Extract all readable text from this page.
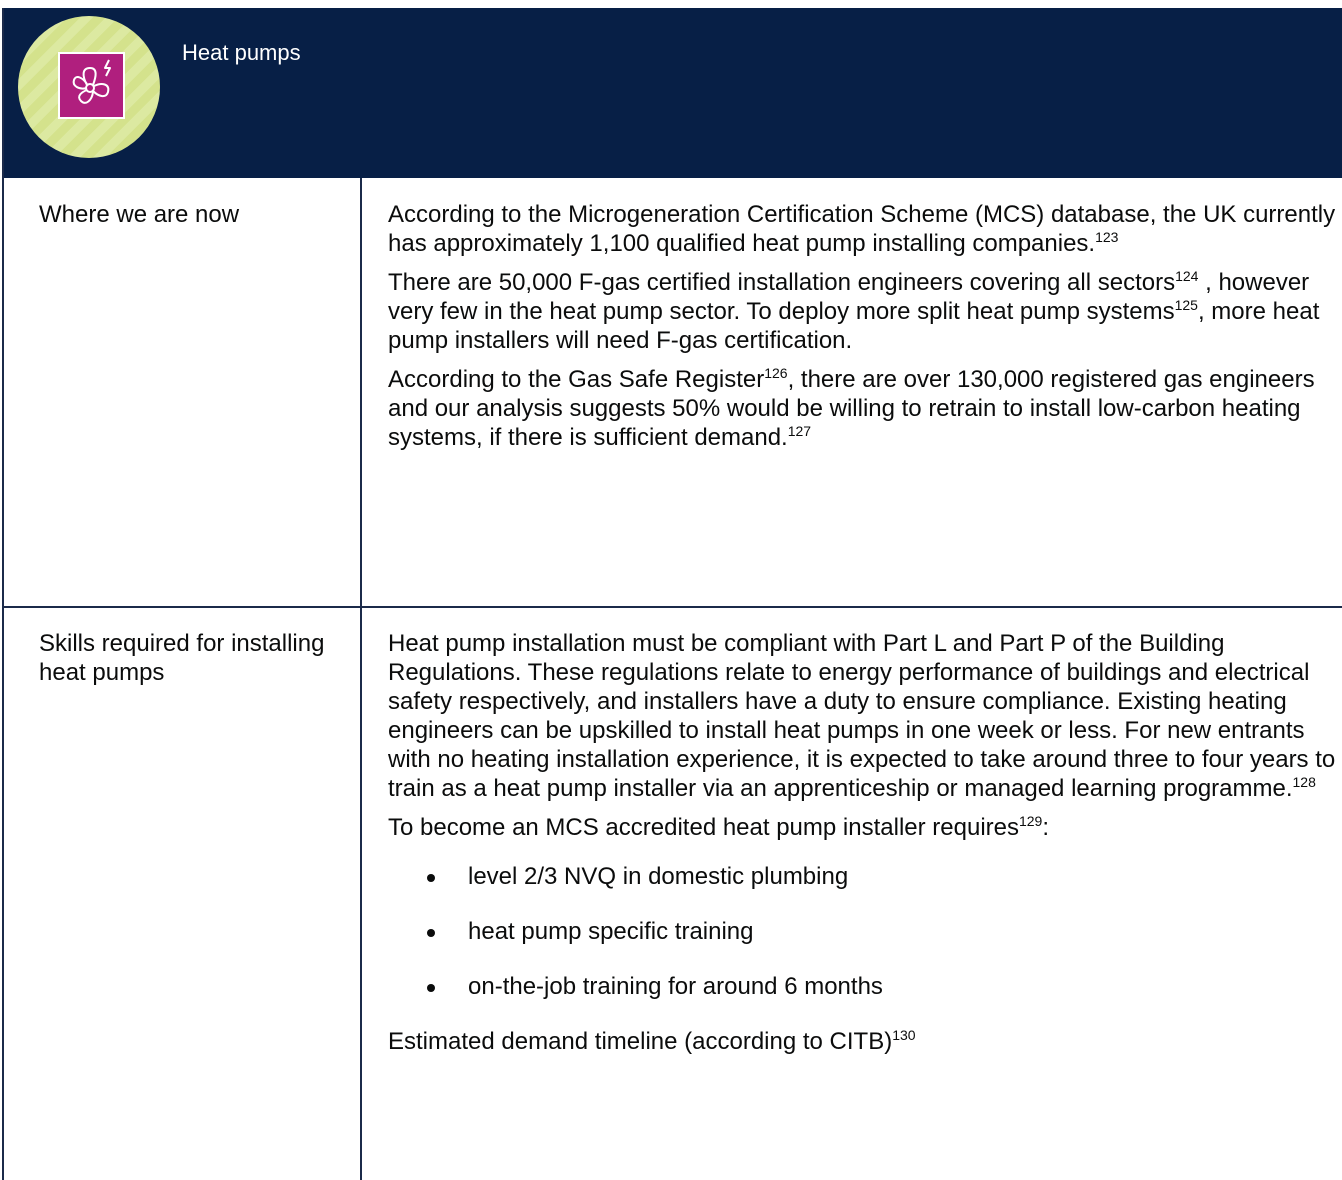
Heat pumps
Where we are now	According to the Microgeneration Certification Scheme (MCS) database, the UK currently has approximately 1,100 qualified heat pump installing companies.$^{123}$

There are 50,000 F-gas certified installation engineers covering all sectors$^{124}$ , however very few in the heat pump sector. To deploy more split heat pump systems$^{125}$, more heat pump installers will need F-gas certification.

According to the Gas Safe Register$^{126}$, there are over 130,000 registered gas engineers and our analysis suggests 50% would be willing to retrain to install low-carbon heating systems, if there is sufficient demand.$^{127}$

Skills required for installing heat pumps

Heat pump installation must be compliant with Part L and Part P of the Building Regulations. These regulations relate to energy performance of buildings and electrical safety respectively, and installers have a duty to ensure compliance. Existing heating engineers can be upskilled to install heat pumps in one week or less. For new entrants with no heating installation experience, it is expected to take around three to four years to train as a heat pump installer via an apprenticeship or managed learning programme.$^{128}$

To become an MCS accredited heat pump installer requires$^{129}$:

level 2/3 NVQ in domestic plumbing
heat pump specific training
on-the-job training for around 6 months

Estimated demand timeline (according to CITB)$^{130}$
